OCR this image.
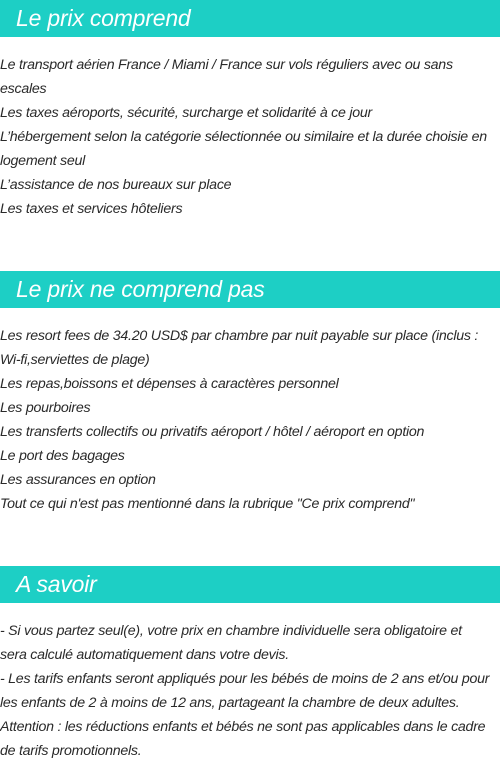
Le prix comprend

Le transport aérien France / Miami / France sur vols réguliers avec ou sans

escales

Les taxes aéroports, sécurité, surcharge et solidarité à ce jour

L’hébergement selon la catégorie sélectionnée ou similaire et la durée choisie en

logement seul

L’assistance de nos bureaux sur place

Les taxes et services hôteliers

Le prix ne comprend pas

Les resort fees de 34.20 USD$ par chambre par nuit payable sur place (inclus :

Wi-fi,serviettes de plage)

Les repas,boissons et dépenses à caractères personnel

Les pourboires

Les transferts collectifs ou privatifs aéroport / hôtel / aéroport en option

Le port des bagages

Les assurances en option

Tout ce qui n'est pas mentionné dans la rubrique "Ce prix comprend"

A savoir

- Si vous partez seul(e), votre prix en chambre individuelle sera obligatoire et

sera calculé automatiquement dans votre devis.

- Les tarifs enfants seront appliqués pour les bébés de moins de 2 ans et/ou pour

les enfants de 2 à moins de 12 ans, partageant la chambre de deux adultes.

Attention : les réductions enfants et bébés ne sont pas applicables dans le cadre

de tarifs promotionnels.
